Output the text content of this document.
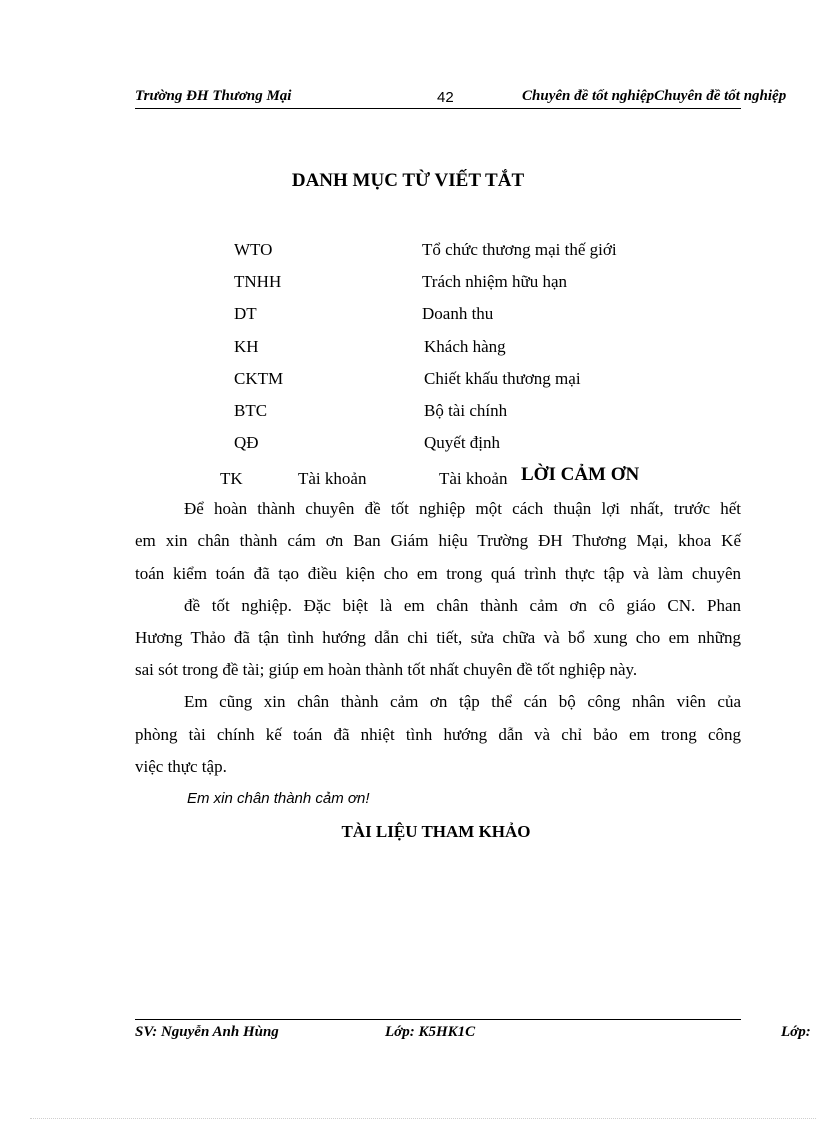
Trường ĐH Thương Mại	42	Chuyên đề tốt nghiệpChuyên đề tốt nghiệp
DANH MỤC TỪ VIẾT TẮT
WTO	Tổ chức thương mại thế giới
TNHH	Trách nhiệm hữu hạn
DT	Doanh thu
KH	Khách hàng
CKTM	Chiết khấu thương mại
BTC	Bộ tài chính
QĐ	Quyết định
TK	Tài khoản	Tài khoản LỜI CẢM ƠN
Để hoàn thành chuyên đề tốt nghiệp một cách thuận lợi nhất, trước hết
em xin chân thành cám ơn Ban Giám hiệu Trường ĐH Thương Mại, khoa Kế
toán kiểm toán đã tạo điều kiện cho em trong quá trình thực tập và làm chuyên
đề tốt nghiệp. Đặc biệt là em chân thành cảm ơn cô giáo CN. Phan
Hương Thảo đã tận tình hướng dẫn chi tiết, sửa chữa và bổ xung cho em những
sai sót trong đề tài; giúp em hoàn thành tốt nhất chuyên đề tốt nghiệp này.
Em cũng xin chân thành cảm ơn tập thể cán bộ công nhân viên của
phòng tài chính kế toán đã nhiệt tình hướng dẫn và chỉ bảo em trong công
việc thực tập.
Em xin chân thành cảm ơn!
TÀI LIỆU THAM KHẢO
SV: Nguyễn Anh Hùng	Lớp: K5HK1C	Lớp:
